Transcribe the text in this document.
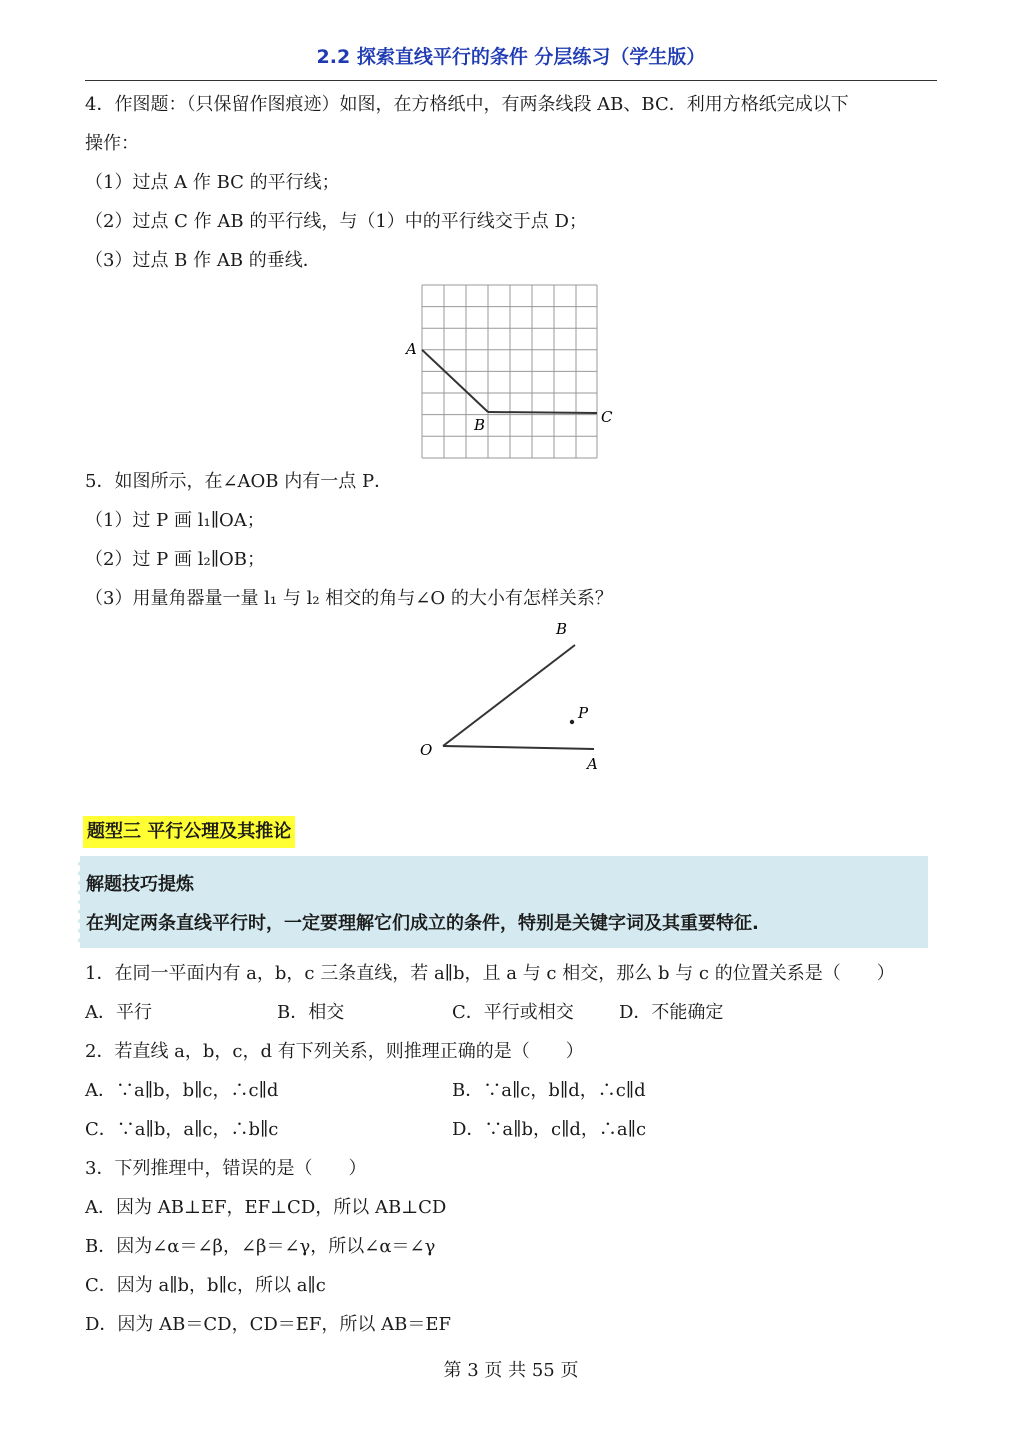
2.2 探索直线平行的条件 分层练习（学生版）
4．作图题：（只保留作图痕迹）如图，在方格纸中，有两条线段 AB、BC．利用方格纸完成以下
操作：
（1）过点 A 作 BC 的平行线；
（2）过点 C 作 AB 的平行线，与（1）中的平行线交于点 D；
（3）过点 B 作 AB 的垂线．
A
B	C
5．如图所示，在∠AOB 内有一点 P．
（1）过 P 画 l₁∥OA；
（2）过 P 画 l₂∥OB；
（3）用量角器量一量 l₁ 与 l₂ 相交的角与∠O 的大小有怎样关系？
B
P
O
A
题型三 平行公理及其推论
解题技巧提炼
在判定两条直线平行时，一定要理解它们成立的条件，特别是关键字词及其重要特征.
1．在同一平面内有 a，b，c 三条直线，若 a∥b，且 a 与 c 相交，那么 b 与 c 的位置关系是（　　）
A．平行	B．相交	C．平行或相交	D．不能确定
2．若直线 a，b，c，d 有下列关系，则推理正确的是（　　）
A．∵a∥b，b∥c，∴c∥d	B．∵a∥c，b∥d，∴c∥d
C．∵a∥b，a∥c，∴b∥c	D．∵a∥b，c∥d，∴a∥c
3．下列推理中，错误的是（　　）
A．因为 AB⊥EF，EF⊥CD，所以 AB⊥CD
B．因为∠α＝∠β，∠β＝∠γ，所以∠α＝∠γ
C．因为 a∥b，b∥c，所以 a∥c
D．因为 AB＝CD，CD＝EF，所以 AB＝EF
第 3 页 共 55 页
